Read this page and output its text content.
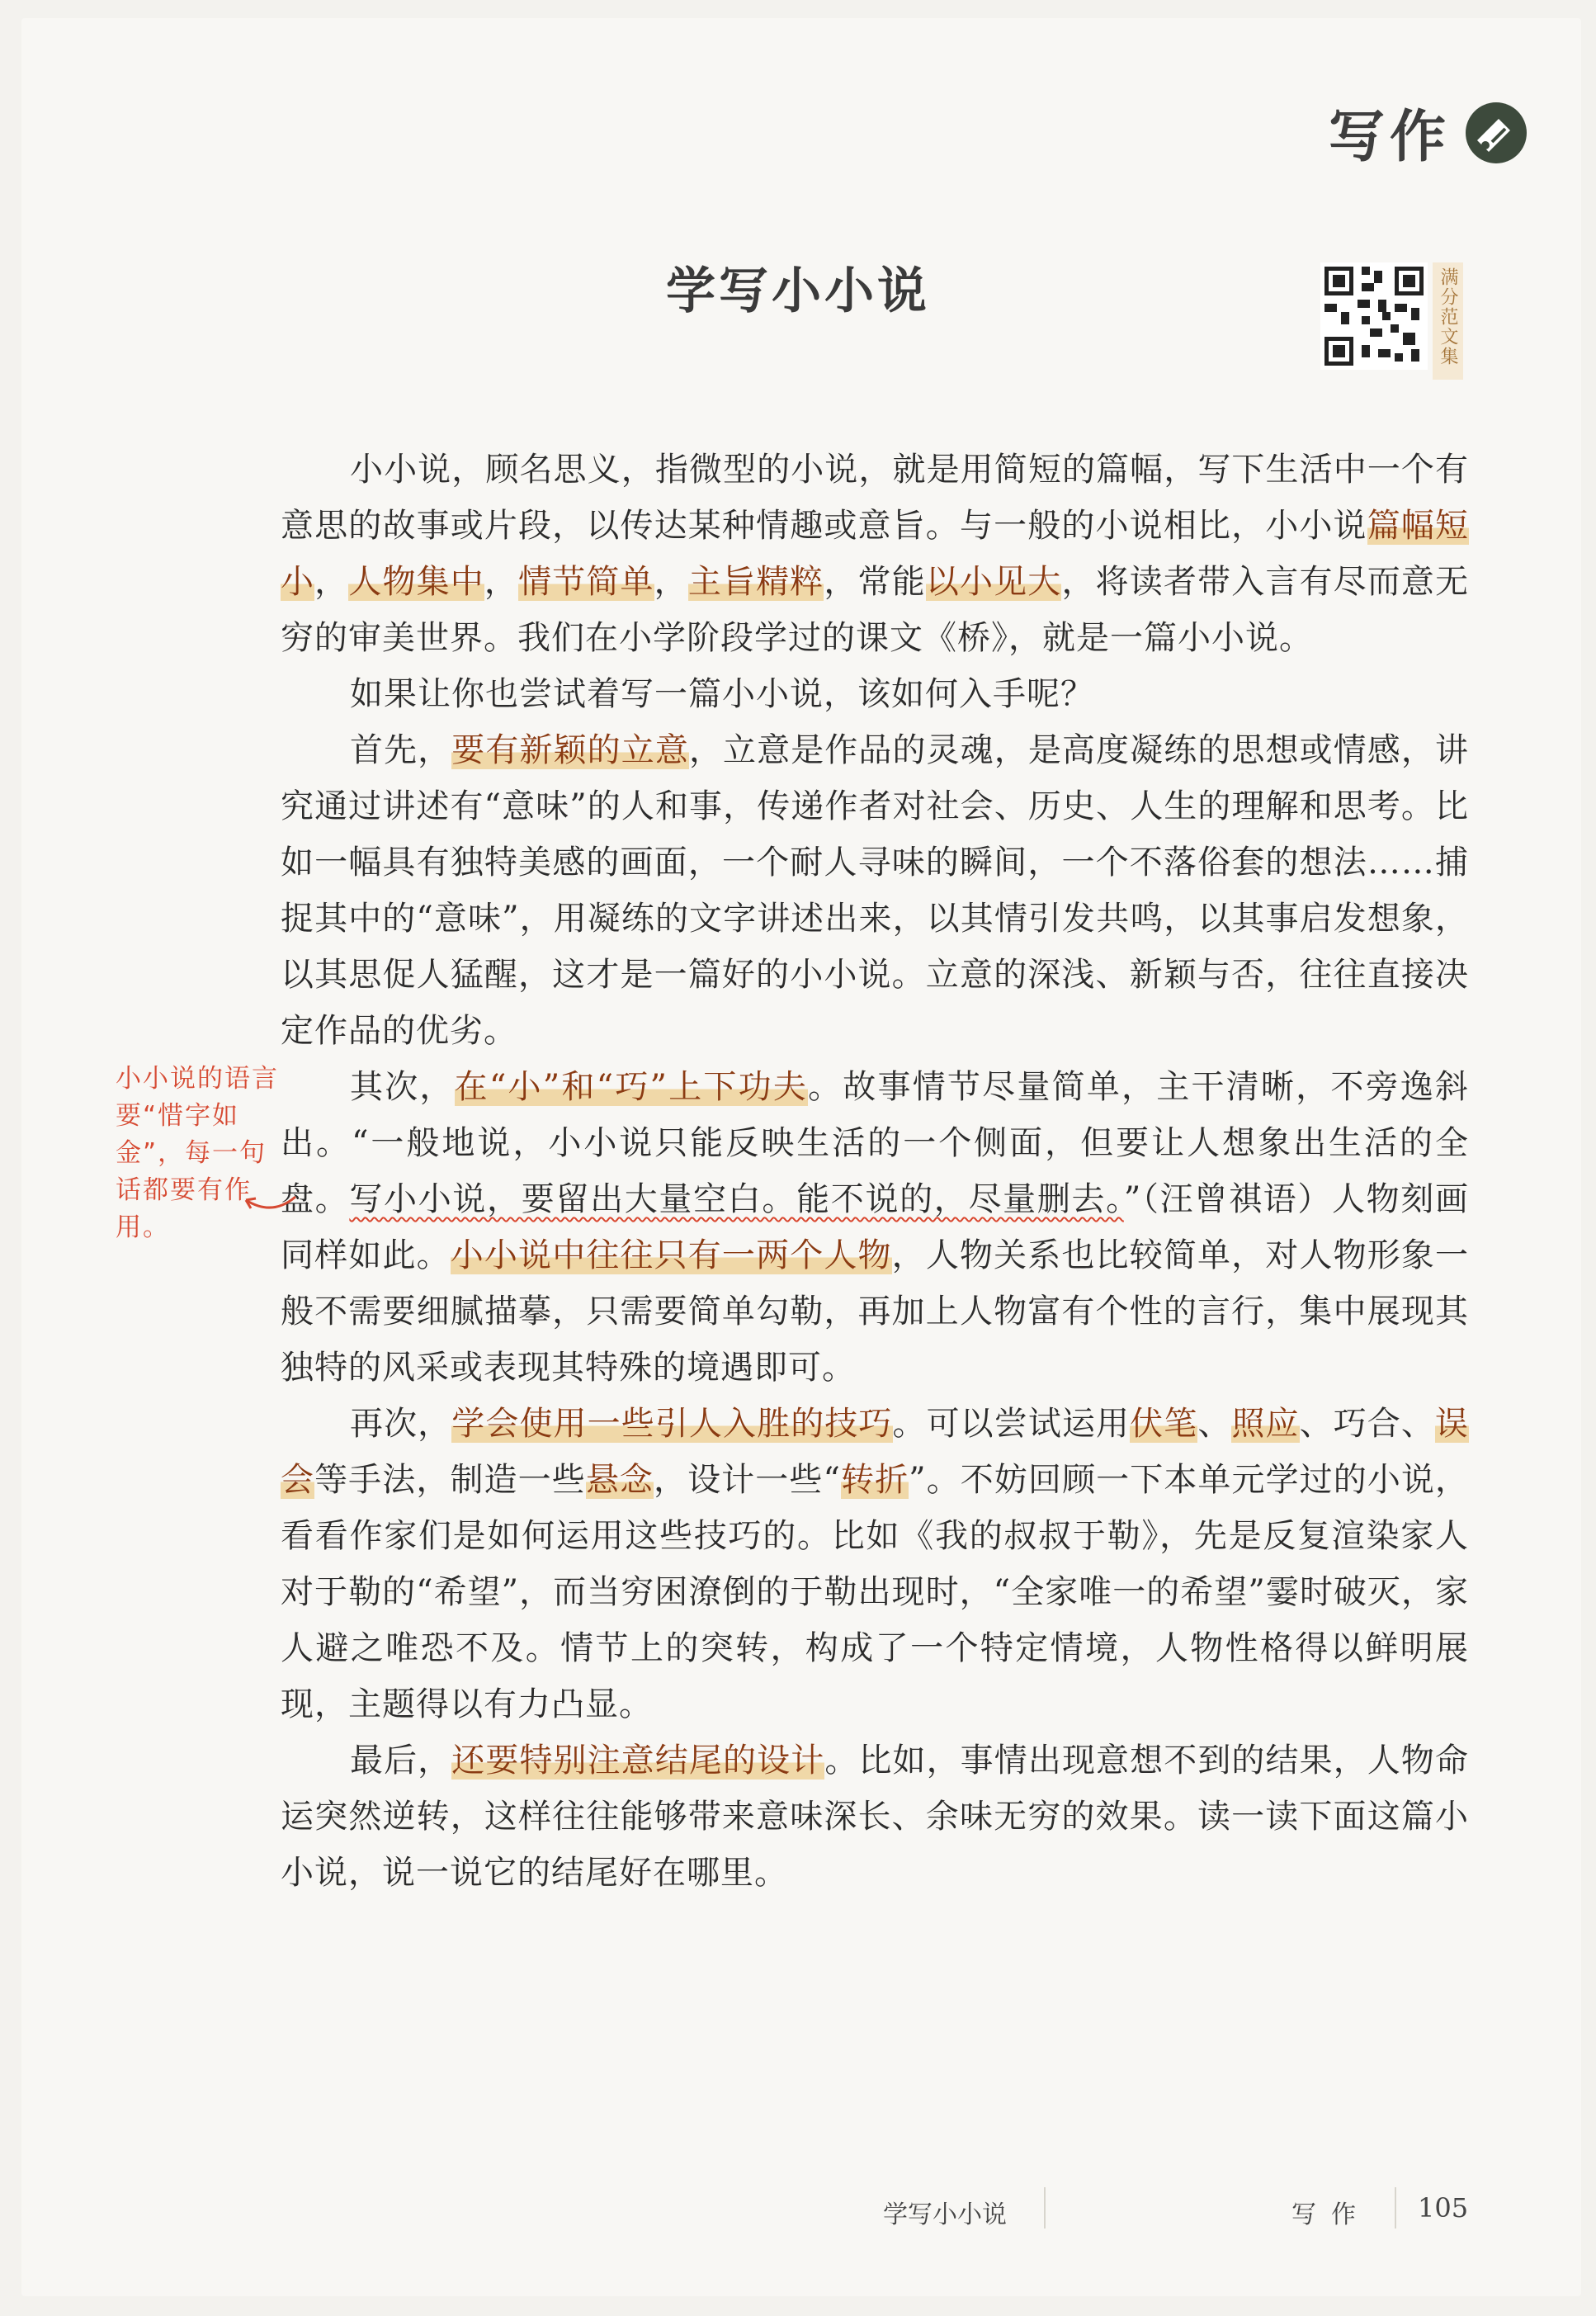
写作
学写小小说	满分范文集

小小说，顾名思义，指微型的小说，就是用简短的篇幅，写下生活中一个有意思的故事或片段，以传达某种情趣或意旨。与一般的小说相比，小小说篇幅短小，人物集中，情节简单，主旨精粹，常能以小见大，将读者带入言有尽而意无穷的审美世界。我们在小学阶段学过的课文《桥》，就是一篇小小说。

如果让你也尝试着写一篇小小说，该如何入手呢？

首先，要有新颖的立意，立意是作品的灵魂，是高度凝练的思想或情感，讲究通过讲述有“意味”的人和事，传递作者对社会、历史、人生的理解和思考。比如一幅具有独特美感的画面，一个耐人寻味的瞬间，一个不落俗套的想法……捕捉其中的“意味”，用凝练的文字讲述出来，以其情引发共鸣，以其事启发想象，以其思促人猛醒，这才是一篇好的小小说。立意的深浅、新颖与否，往往直接决定作品的优劣。

其次，在“小”和“巧”上下功夫。故事情节尽量简单，主干清晰，不旁逸斜出。“一般地说，小小说只能反映生活的一个侧面，但要让人想象出生活的全盘。写小小说，要留出大量空白。能不说的，尽量删去。”（汪曾祺语）人物刻画同样如此。小小说中往往只有一两个人物，人物关系也比较简单，对人物形象一般不需要细腻描摹，只需要简单勾勒，再加上人物富有个性的言行，集中展现其独特的风采或表现其特殊的境遇即可。

再次，学会使用一些引人入胜的技巧。可以尝试运用伏笔、照应、巧合、误会等手法，制造一些悬念，设计一些“转折”。不妨回顾一下本单元学过的小说，看看作家们是如何运用这些技巧的。比如《我的叔叔于勒》，先是反复渲染家人对于勒的“希望”，而当穷困潦倒的于勒出现时，“全家唯一的希望”霎时破灭，家人避之唯恐不及。情节上的突转，构成了一个特定情境，人物性格得以鲜明展现，主题得以有力凸显。

最后，还要特别注意结尾的设计。比如，事情出现意想不到的结果，人物命运突然逆转，这样往往能够带来意味深长、余味无穷的效果。读一读下面这篇小小说，说一说它的结尾好在哪里。

小小说的语言要“惜字如金”，每一句话都要有作用。
学写小小说	写作 105
